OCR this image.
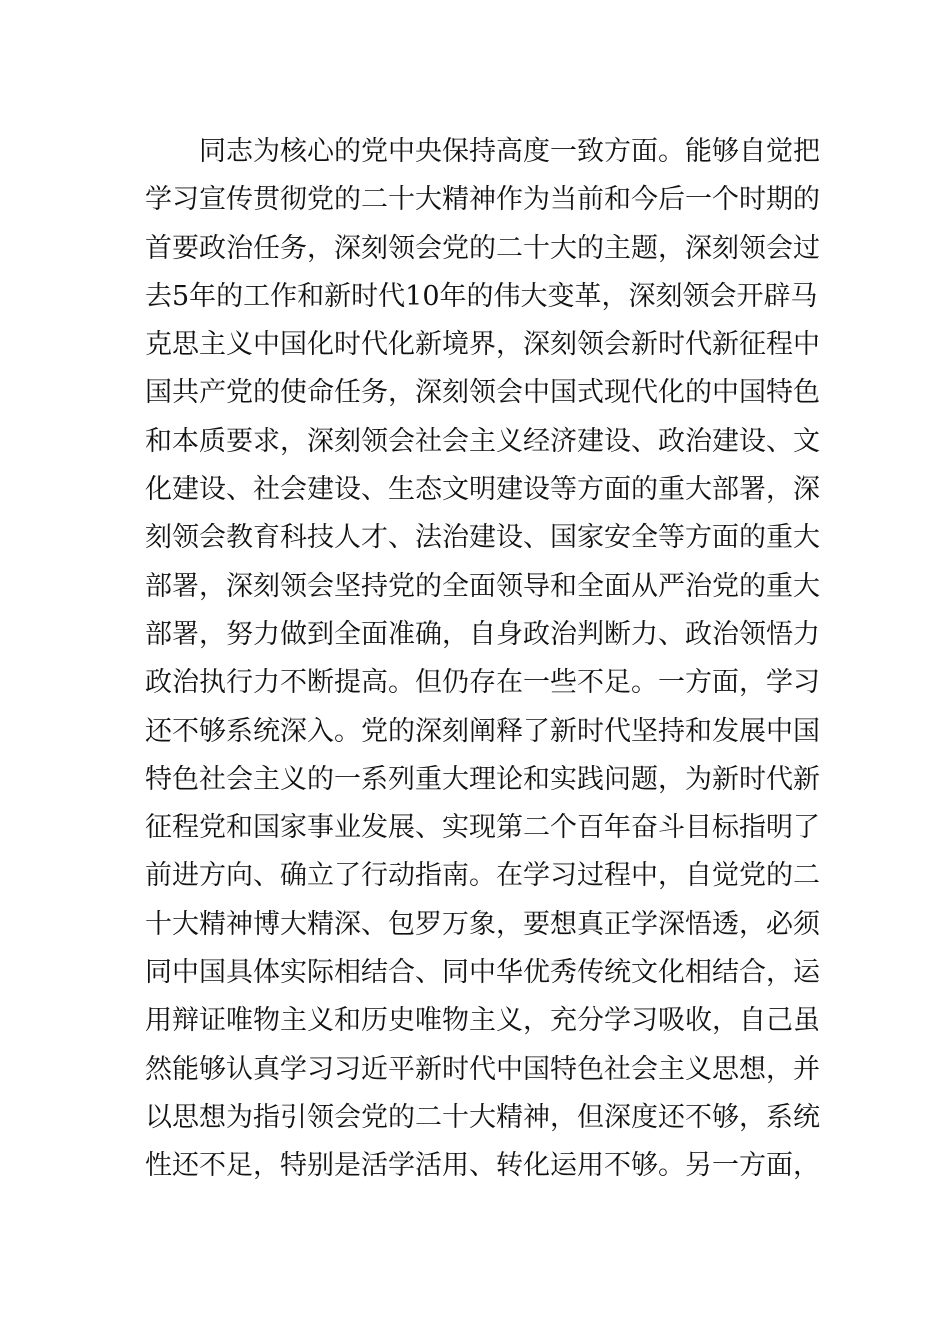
同志为核心的党中央保持高度一致方面。能够自觉把
学习宣传贯彻党的二十大精神作为当前和今后一个时期的
首要政治任务，深刻领会党的二十大的主题，深刻领会过
去5年的工作和新时代10年的伟大变革，深刻领会开辟马
克思主义中国化时代化新境界，深刻领会新时代新征程中
国共产党的使命任务，深刻领会中国式现代化的中国特色
和本质要求，深刻领会社会主义经济建设、政治建设、文
化建设、社会建设、生态文明建设等方面的重大部署，深
刻领会教育科技人才、法治建设、国家安全等方面的重大
部署，深刻领会坚持党的全面领导和全面从严治党的重大
部署，努力做到全面准确，自身政治判断力、政治领悟力
政治执行力不断提高。但仍存在一些不足。一方面，学习
还不够系统深入。党的深刻阐释了新时代坚持和发展中国
特色社会主义的一系列重大理论和实践问题，为新时代新
征程党和国家事业发展、实现第二个百年奋斗目标指明了
前进方向、确立了行动指南。在学习过程中，自觉党的二
十大精神博大精深、包罗万象，要想真正学深悟透，必须
同中国具体实际相结合、同中华优秀传统文化相结合，运
用辩证唯物主义和历史唯物主义，充分学习吸收，自己虽
然能够认真学习习近平新时代中国特色社会主义思想，并
以思想为指引领会党的二十大精神，但深度还不够，系统
性还不足，特别是活学活用、转化运用不够。另一方面，
